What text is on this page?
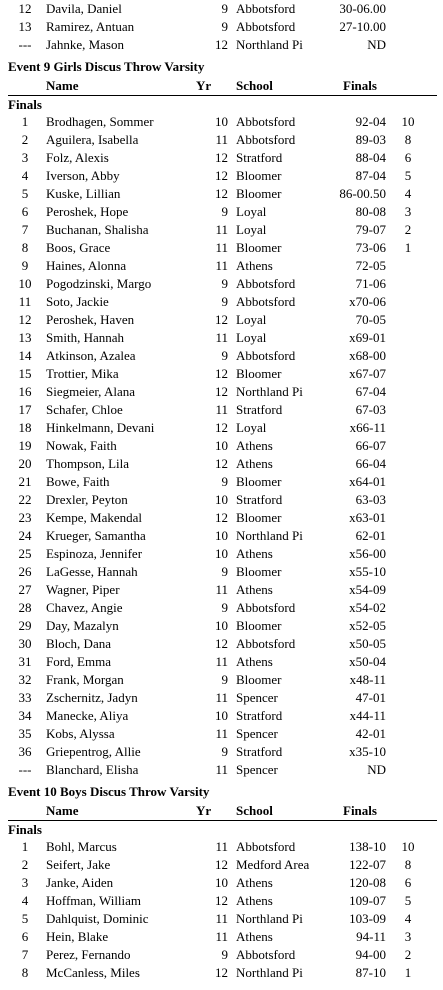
12	Davila, Daniel	9 Abbotsford	30-06.00
13	Ramirez, Antuan	9 Abbotsford	27-10.00
---	Jahnke, Mason	12 Northland Pi	ND
Event 9 Girls Discus Throw Varsity
Name	Yr School	Finals
Finals
1	Brodhagen, Sommer	10 Abbotsford	92-04	10
2	Aguilera, Isabella	11 Abbotsford	89-03	8
3	Folz, Alexis	12 Stratford	88-04	6
4	Iverson, Abby	12 Bloomer	87-04	5
5	Kuske, Lillian	12 Bloomer	86-00.50	4
6	Peroshek, Hope	9 Loyal	80-08	3
7	Buchanan, Shalisha	11 Loyal	79-07	2
8	Boos, Grace	11 Bloomer	73-06	1
9	Haines, Alonna	11 Athens	72-05
10	Pogodzinski, Margo	9 Abbotsford	71-06
11	Soto, Jackie	9 Abbotsford	x70-06
12	Peroshek, Haven	12 Loyal	70-05
13	Smith, Hannah	11 Loyal	x69-01
14	Atkinson, Azalea	9 Abbotsford	x68-00
15	Trottier, Mika	12 Bloomer	x67-07
16	Siegmeier, Alana	12 Northland Pi	67-04
17	Schafer, Chloe	11 Stratford	67-03
18	Hinkelmann, Devani	12 Loyal	x66-11
19	Nowak, Faith	10 Athens	66-07
20	Thompson, Lila	12 Athens	66-04
21	Bowe, Faith	9 Bloomer	x64-01
22	Drexler, Peyton	10 Stratford	63-03
23	Kempe, Makendal	12 Bloomer	x63-01
24	Krueger, Samantha	10 Northland Pi	62-01
25	Espinoza, Jennifer	10 Athens	x56-00
26	LaGesse, Hannah	9 Bloomer	x55-10
27	Wagner, Piper	11 Athens	x54-09
28	Chavez, Angie	9 Abbotsford	x54-02
29	Day, Mazalyn	10 Bloomer	x52-05
30	Bloch, Dana	12 Abbotsford	x50-05
31	Ford, Emma	11 Athens	x50-04
32	Frank, Morgan	9 Bloomer	x48-11
33	Zschernitz, Jadyn	11 Spencer	47-01
34	Manecke, Aliya	10 Stratford	x44-11
35	Kobs, Alyssa	11 Spencer	42-01
36	Griepentrog, Allie	9 Stratford	x35-10
---	Blanchard, Elisha	11 Spencer	ND
Event 10 Boys Discus Throw Varsity
Name	Yr School	Finals
Finals
1	Bohl, Marcus	11 Abbotsford	138-10	10
2	Seifert, Jake	12 Medford Area	122-07	8
3	Janke, Aiden	10 Athens	120-08	6
4	Hoffman, William	12 Athens	109-07	5
5	Dahlquist, Dominic	11 Northland Pi	103-09	4
6	Hein, Blake	11 Athens	94-11	3
7	Perez, Fernando	9 Abbotsford	94-00	2
8	McCanless, Miles	12 Northland Pi	87-10	1
